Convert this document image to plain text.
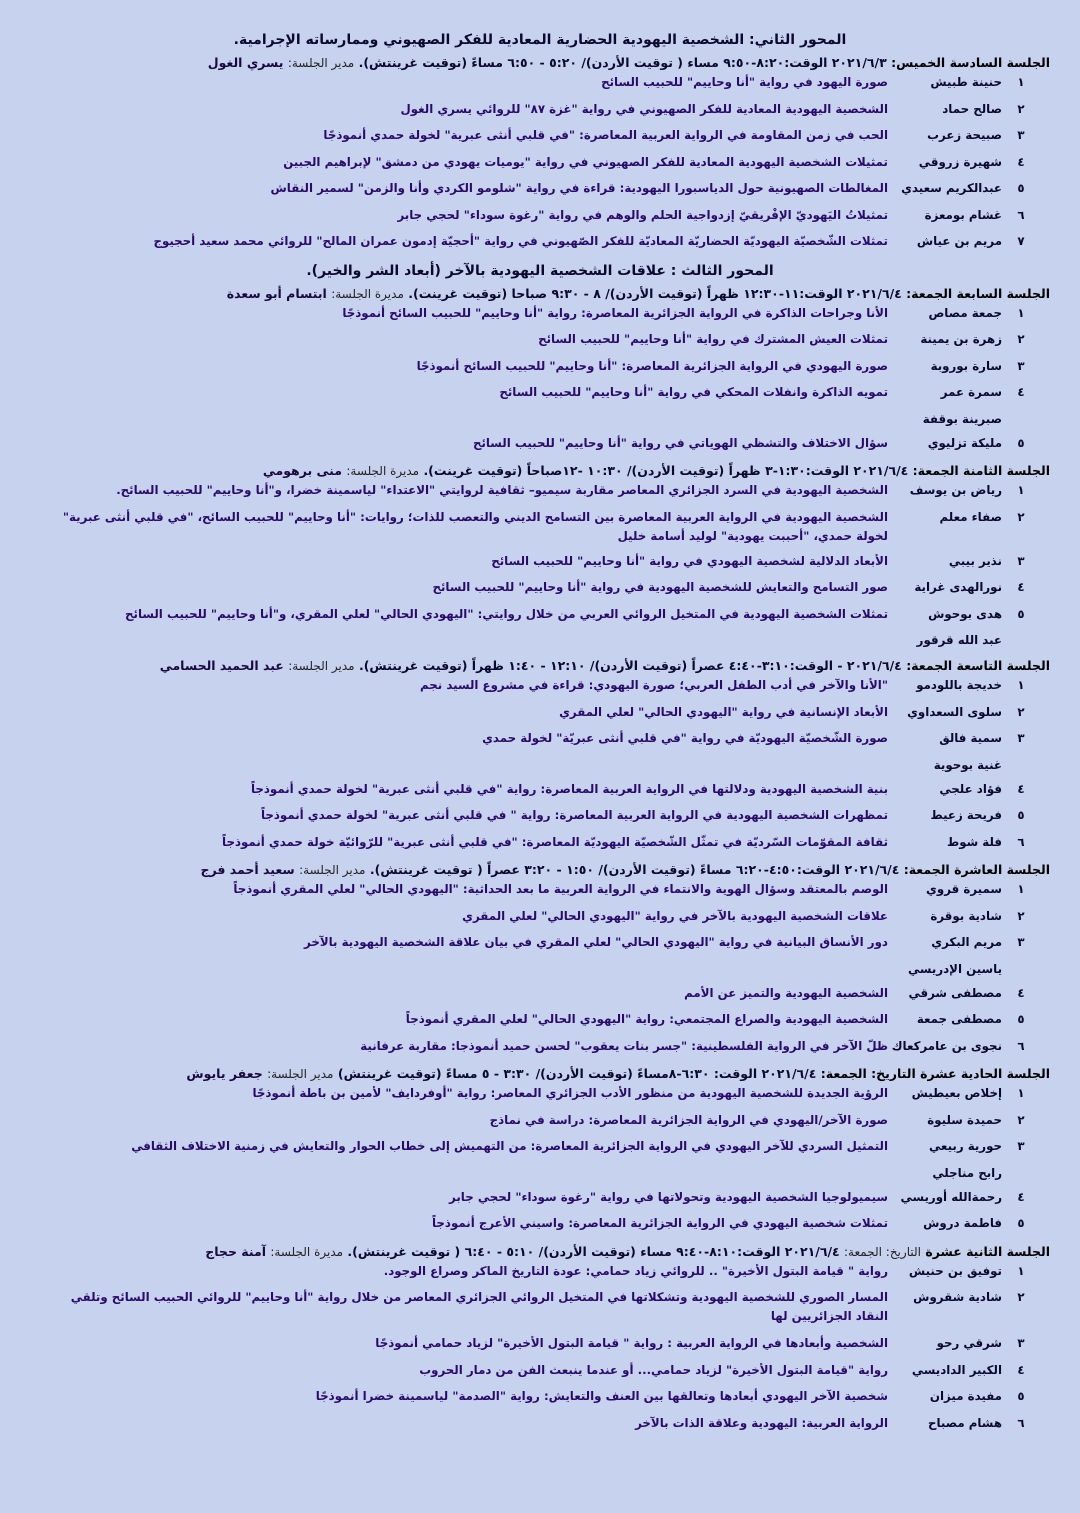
المحور الثاني: الشخصية اليهودية الحضارية المعادية للفكر الصهيوني وممارساته الإجرامية.
الجلسة السادسة الخميس: ٢٠٢١/٦/٣ الوقت:٨:٢٠-٩:٥٠ مساء ( توقيت الأردن)/ ٥:٢٠ - ٦:٥٠ مساءً (توقيت غرينتش). مدير الجلسة: يسري الغول
١
حنينة طبيش
صورة اليهود في رواية "أنا وحاييم" للحبيب السائح
٢
صالح حماد
الشخصية اليهودية المعادية للفكر الصهيوني في رواية "غزة ٨٧" للروائي يسري الغول
٣
صبيحة زعرب
الحب في زمن المقاومة في الرواية العربية المعاصرة: "في قلبي أنثى عبرية" لخولة حمدي أنموذجًا
٤
شهيرة زروقي
تمثيلات الشخصية اليهودية المعادية للفكر الصهيوني في رواية "يوميات يهودي من دمشق" لإبراهيم الجبين
٥
عبدالكريم سعيدي
المغالطات الصهيونية حول الدياسبورا اليهودية: قراءة في رواية "شلومو الكردي وأنا والزمن" لسمير النقاش
٦
غشام بومعزة
تمثيلاتُ اليَهوديّ الإفْريقيّ إزدواجية الحلم والوهم في رواية "رغوة سوداء" لحجي جابر
٧
مريم بن عياش
تمثلات الشّخصيّة اليهوديّة الحضاريّة المعاديّة للفكر الصّهيوني في رواية "أحجيّة إدمون عمران المالح" للروائي محمد سعيد أحجيوج
المحور الثالث : علاقات الشخصية اليهودية بالآخر (أبعاد الشر والخير).
الجلسة السابعة الجمعة: ٢٠٢١/٦/٤ الوقت:١١-١٢:٣٠ ظهراً (توقيت الأردن)/ ٨ - ٩:٣٠ صباحا (توقيت غرينت). مديرة الجلسة: ابتسام أبو سعدة
١
جمعة مصاص
الأنا وجراحات الذاكرة في الرواية الجزائرية المعاصرة: رواية "أنا وحاييم" للحبيب السائح أنموذجًا
٢
زهرة بن يمينة
تمثلات العيش المشترك في رواية "أنا وحاييم" للحبيب السائح
٣
سارة بوروبة
صورة اليهودي في الرواية الجزائرية المعاصرة: "أنا وحاييم" للحبيب السائح أنموذجًا
٤
سمرة عمر
تمويه الذاكرة وانفلات المحكي في رواية "أنا وحاييم" للحبيب السائح
صبرينة بوقفة
٥
مليكة تزليوي
سؤال الاختلاف والتشظي الهوياتي في رواية "أنا وحاييم" للحبيب السائح
الجلسة الثامنة الجمعة: ٢٠٢١/٦/٤ الوقت:١:٣٠-٣ ظهراً (توقيت الأردن)/ ١٠:٣٠ -١٢صباحاً (توقيت غرينت). مديرة الجلسة: منى برهومي
١
رياض بن يوسف
الشخصية اليهودية في السرد الجزائري المعاصر مقاربة سيميو– ثقافية لروايتي "الاعتداء" لياسمينة خضرا، و"أنا وحاييم" للحبيب السائح.
٢
صفاء معلم
الشخصية اليهودية في الرواية العربية المعاصرة بين التسامح الديني والتعصب للذات؛ روايات: "أنا وحاييم" للحبيب السائح، "في قلبي أنثى عبرية" لخولة حمدي، "أحببت يهودية" لوليد أسامة خليل
٣
نذير بيبي
الأبعاد الدلالية لشخصية اليهودي في رواية "أنا وحاييم" للحبيب السائح
٤
نورالهدى غراية
صور التسامح والتعايش للشخصية اليهودية في رواية "أنا وحاييم" للحبيب السائح
٥
هدى بوحوش
تمثلات الشخصية اليهودية في المتخيل الروائي العربي من خلال روايتي: "اليهودي الحالي" لعلي المقري، و"أنا وحاييم" للحبيب السائح
عبد الله قرقور
الجلسة التاسعة الجمعة: ٢٠٢١/٦/٤ - الوقت:٣:١٠-٤:٤٠ عصراً (توقيت الأردن)/ ١٢:١٠ - ١:٤٠ ظهراً (توقيت غرينتش). مدير الجلسة: عبد الحميد الحسامي
١
خديجة باللودمو
"الأنا والآخر في أدب الطفل العربي؛ صورة اليهودي: قراءة في مشروع السيد نجم
٢
سلوى السعداوي
الأبعاد الإنسانية في رواية "اليهودي الحالي" لعلي المقري
٣
سمية فالق
صورة الشّخصيّة اليهوديّة في رواية "في قلبي أنثى عبريّة" لخولة حمدي
غنية بوحوية
٤
فؤاد علجي
بنية الشخصية اليهودية ودلالتها في الرواية العربية المعاصرة: رواية "في قلبي أنثى عبرية" لخولة حمدي أنموذجاً
٥
فريحة زعيط
تمظهرات الشخصية اليهودية في الرواية العربية المعاصرة: رواية " في قلبي أنثى عبرية" لخولة حمدي أنموذجاً
٦
فلة شوط
ثقافة المقوّمات السّرديّة في تمثّل الشّخصيّة اليهوديّة المعاصرة: "في قلبي أنثى عبرية" للرّوائيّة خولة حمدي أنموذجاً
الجلسة العاشرة الجمعة: ٢٠٢١/٦/٤ الوقت:٤:٥٠-٦:٢٠ مساءً (توقيت الأردن)/ ١:٥٠ - ٣:٢٠ عصراً ( توقيت غرينتش). مدير الجلسة: سعيد أحمد فرج
١
سميرة قروي
الوصم بالمعتقد وسؤال الهوية والانتماء في الرواية العربية ما بعد الحداثية: "اليهودي الحالي" لعلي المقري أنموذجاً
٢
شادية بوقرة
علاقات الشخصية اليهودية بالآخر في رواية "اليهودي الحالي" لعلي المقري
٣
مريم البكري
دور الأنساق البيانية في رواية "اليهودي الحالي" لعلي المقري في بيان علاقة الشخصية اليهودية بالآخر
ياسين الإدريسي
٤
مصطفى شرقي
الشخصية اليهودية والتميز عن الأمم
٥
مصطفى جمعة
الشخصية اليهودية والصراع المجتمعي: رواية "اليهودي الحالي" لعلي المقري أنموذجاً
٦
نجوى بن عامركعاك
ظلّ الآخر في الرواية الفلسطينية: "جسر بنات يعقوب" لحسن حميد أنموذجا: مقاربة عرفانية
الجلسة الحادية عشرة التاريخ: الجمعة: ٢٠٢١/٦/٤ الوقت: ٦:٣٠-٨مساءً (توقيت الأردن)/ ٣:٣٠ - ٥ مساءً (توقيت غرينتش) مدير الجلسة: جعفر يايوش
١
إخلاص بعيطيش
الرؤية الجديدة للشخصية اليهودية من منظور الأدب الجزائري المعاصر: رواية "أوفردايف" لأمين بن باطة أنموذجًا
٢
حميدة سليوة
صورة الآخر/اليهودي في الرواية الجزائرية المعاصرة: دراسة في نماذج
٣
حورية ربيعي
التمثيل السردي للآخر اليهودي في الرواية الجزائرية المعاصرة: من التهميش إلى خطاب الحوار والتعايش في زمنية الاختلاف الثقافي
رابح مناجلي
٤
رحمةالله أوريسي
سيميولوجيا الشخصية اليهودية وتحولاتها في رواية "رغوة سوداء" لحجي جابر
٥
فاطمة دروش
تمثلات شخصية اليهودي في الرواية الجزائرية المعاصرة: واسيني الأعرج أنموذجاً
الجلسة الثانية عشرة التاريخ: الجمعة: ٢٠٢١/٦/٤ الوقت:٨:١٠-٩:٤٠ مساء (توقيت الأردن)/ ٥:١٠ - ٦:٤٠ ( توقيت غرينتش). مديرة الجلسة: آمنة حجاج
١
توفيق بن حنيش
رواية " قيامة البتول الأخيرة" .. للروائي زياد حمامي: عودة التاريخ الماكر وصراع الوجود.
٢
شادية شقروش
المسار الصوري للشخصية اليهودية وتشكلاتها في المتخيل الروائي الجزائري المعاصر من خلال رواية "أنا وحاييم" للروائي الحبيب السائح وتلقي النقاد الجزائريين لها
٣
شرقي رحو
الشخصية وأبعادها في الرواية العربية : رواية " قيامة البتول الأخيرة" لزياد حمامي أنموذجًا
٤
الكبير الداديسي
رواية "قيامة البتول الأخيرة" لزياد حمامي... أو عندما ينبعث الفن من دمار الحروب
٥
مفيدة ميزان
شخصية الآخر اليهودي أبعادها وتعالقها بين العنف والتعايش: رواية "الصدمة" لياسمينة خضرا أنموذجًا
٦
هشام مصباح
الرواية العربية: اليهودية وعلاقة الذات بالآخر
